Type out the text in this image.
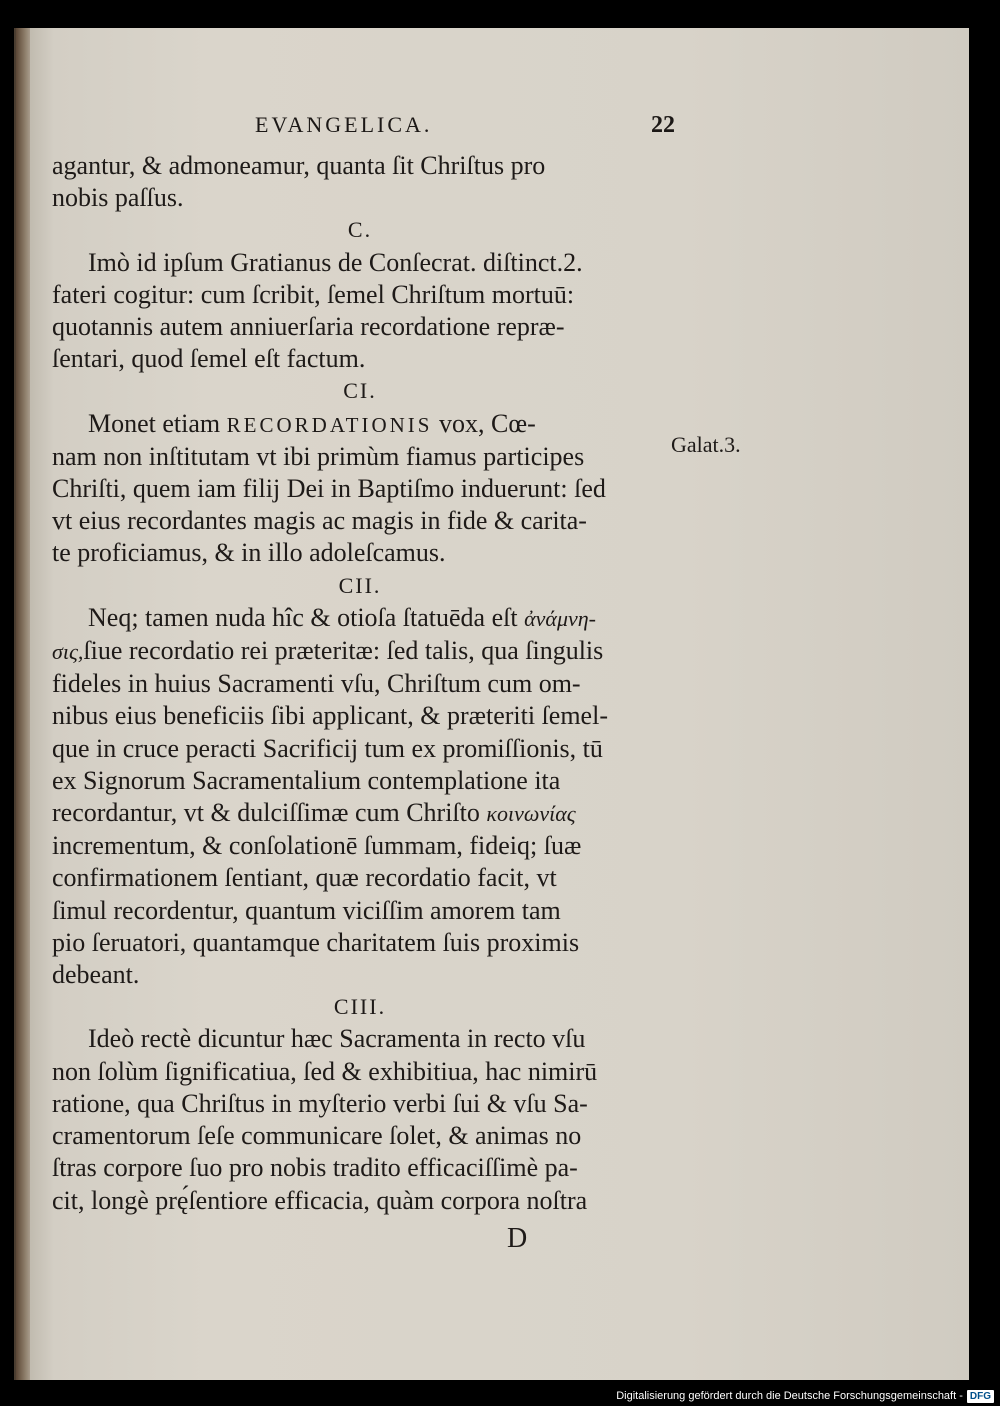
EVANGELICA.	22

agantur, & admoneamur, quanta ſit Chriſtus pro

nobis paſſus.

C.

Imò id ipſum Gratianus de Conſecrat. diſtinct.2.

fateri cogitur: cum ſcribit, ſemel Chriſtum mortuū:

quotannis autem anniuerſaria recordatione repræ-

ſentari, quod ſemel eſt factum.

CI.

Monet etiam RECORDATIONIS vox, Cœ-

nam non inſtitutam vt ibi primùm fiamus participes

Chriſti, quem iam filij Dei in Baptiſmo induerunt: ſed

vt eius recordantes magis ac magis in fide & carita-

te proficiamus, & in illo adoleſcamus.

CII.

Neq; tamen nuda hîc & otioſa ſtatuēda eſt ἀνάμνη-

σις,ſiue recordatio rei præteritæ: ſed talis, qua ſingulis

fideles in huius Sacramenti vſu, Chriſtum cum om-

nibus eius beneficiis ſibi applicant, & præteriti ſemel-

que in cruce peracti Sacrificij tum ex promiſſionis, tū

ex Signorum Sacramentalium contemplatione ita

recordantur, vt & dulciſſimæ cum Chriſto κοινωνίας

incrementum, & conſolationē ſummam, fideiq; ſuæ

confirmationem ſentiant, quæ recordatio facit, vt

ſimul recordentur, quantum viciſſim amorem tam

pio ſeruatori, quantamque charitatem ſuis proximis

debeant.

CIII.

Ideò rectè dicuntur hæc Sacramenta in recto vſu

non ſolùm ſignificatiua, ſed & exhibitiua, hac nimirū

ratione, qua Chriſtus in myſterio verbi ſui & vſu Sa-

cramentorum ſeſe communicare ſolet, & animas no

ſtras corpore ſuo pro nobis tradito efficaciſſimè pa-

cit, longè prę́ſentiore efficacia, quàm corpora noſtra

Galat.3.
D
Digitalisierung gefördert durch die Deutsche Forschungsgemeinschaft - DFG
